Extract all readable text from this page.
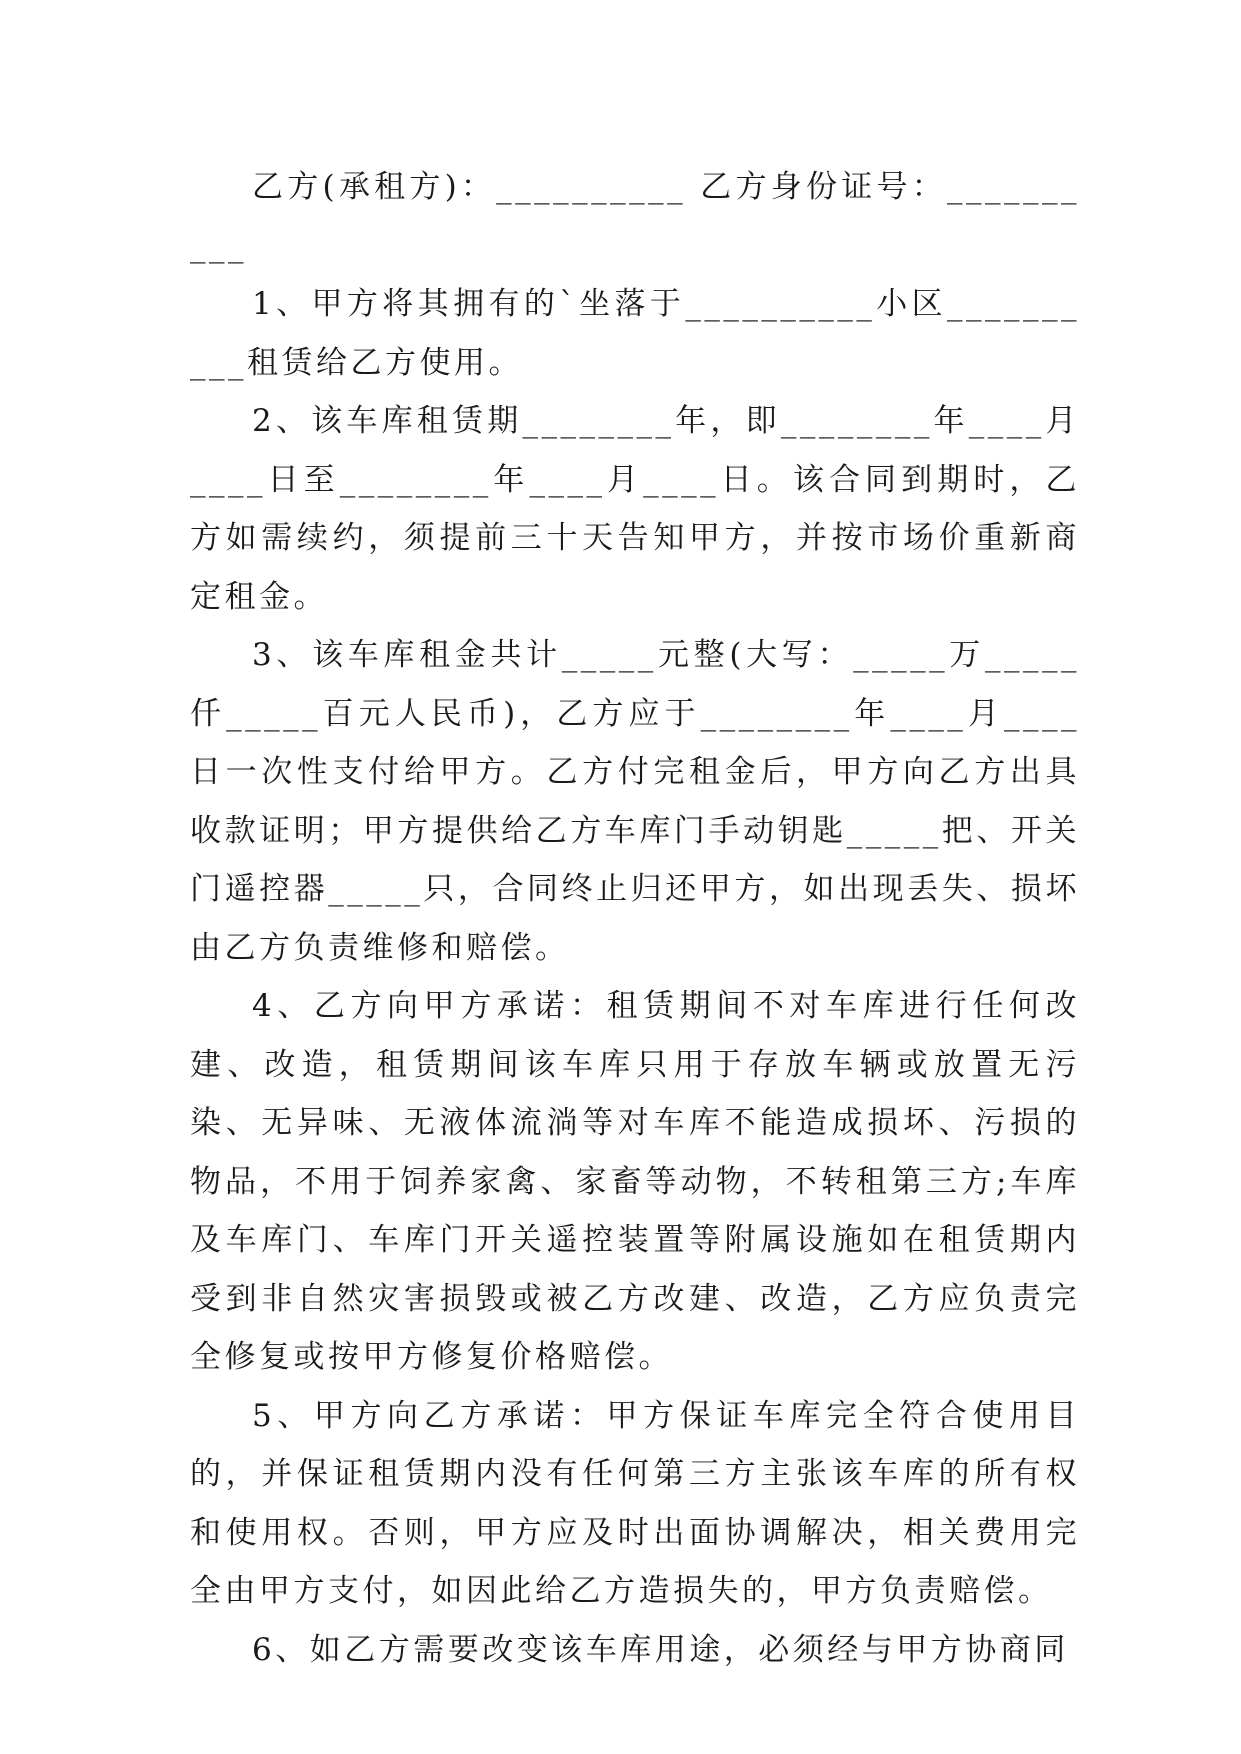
乙方(承租方)：__________ 乙方身份证号：__________

1、甲方将其拥有的`坐落于__________小区__________租赁给乙方使用。

2、该车库租赁期________年，即________年____月____日至________年____月____日。该合同到期时，乙方如需续约，须提前三十天告知甲方，并按市场价重新商定租金。

3、该车库租金共计_____元整(大写：_____万_____仟_____百元人民币)，乙方应于________年____月____日一次性支付给甲方。乙方付完租金后，甲方向乙方出具收款证明；甲方提供给乙方车库门手动钥匙_____把、开关门遥控器_____只，合同终止归还甲方，如出现丢失、损坏由乙方负责维修和赔偿。

4、乙方向甲方承诺：租赁期间不对车库进行任何改建、改造，租赁期间该车库只用于存放车辆或放置无污染、无异味、无液体流淌等对车库不能造成损坏、污损的物品，不用于饲养家禽、家畜等动物，不转租第三方;车库及车库门、车库门开关遥控装置等附属设施如在租赁期内受到非自然灾害损毁或被乙方改建、改造，乙方应负责完全修复或按甲方修复价格赔偿。

5、甲方向乙方承诺：甲方保证车库完全符合使用目的，并保证租赁期内没有任何第三方主张该车库的所有权和使用权。否则，甲方应及时出面协调解决，相关费用完全由甲方支付，如因此给乙方造损失的，甲方负责赔偿。

6、如乙方需要改变该车库用途，必须经与甲方协商同
